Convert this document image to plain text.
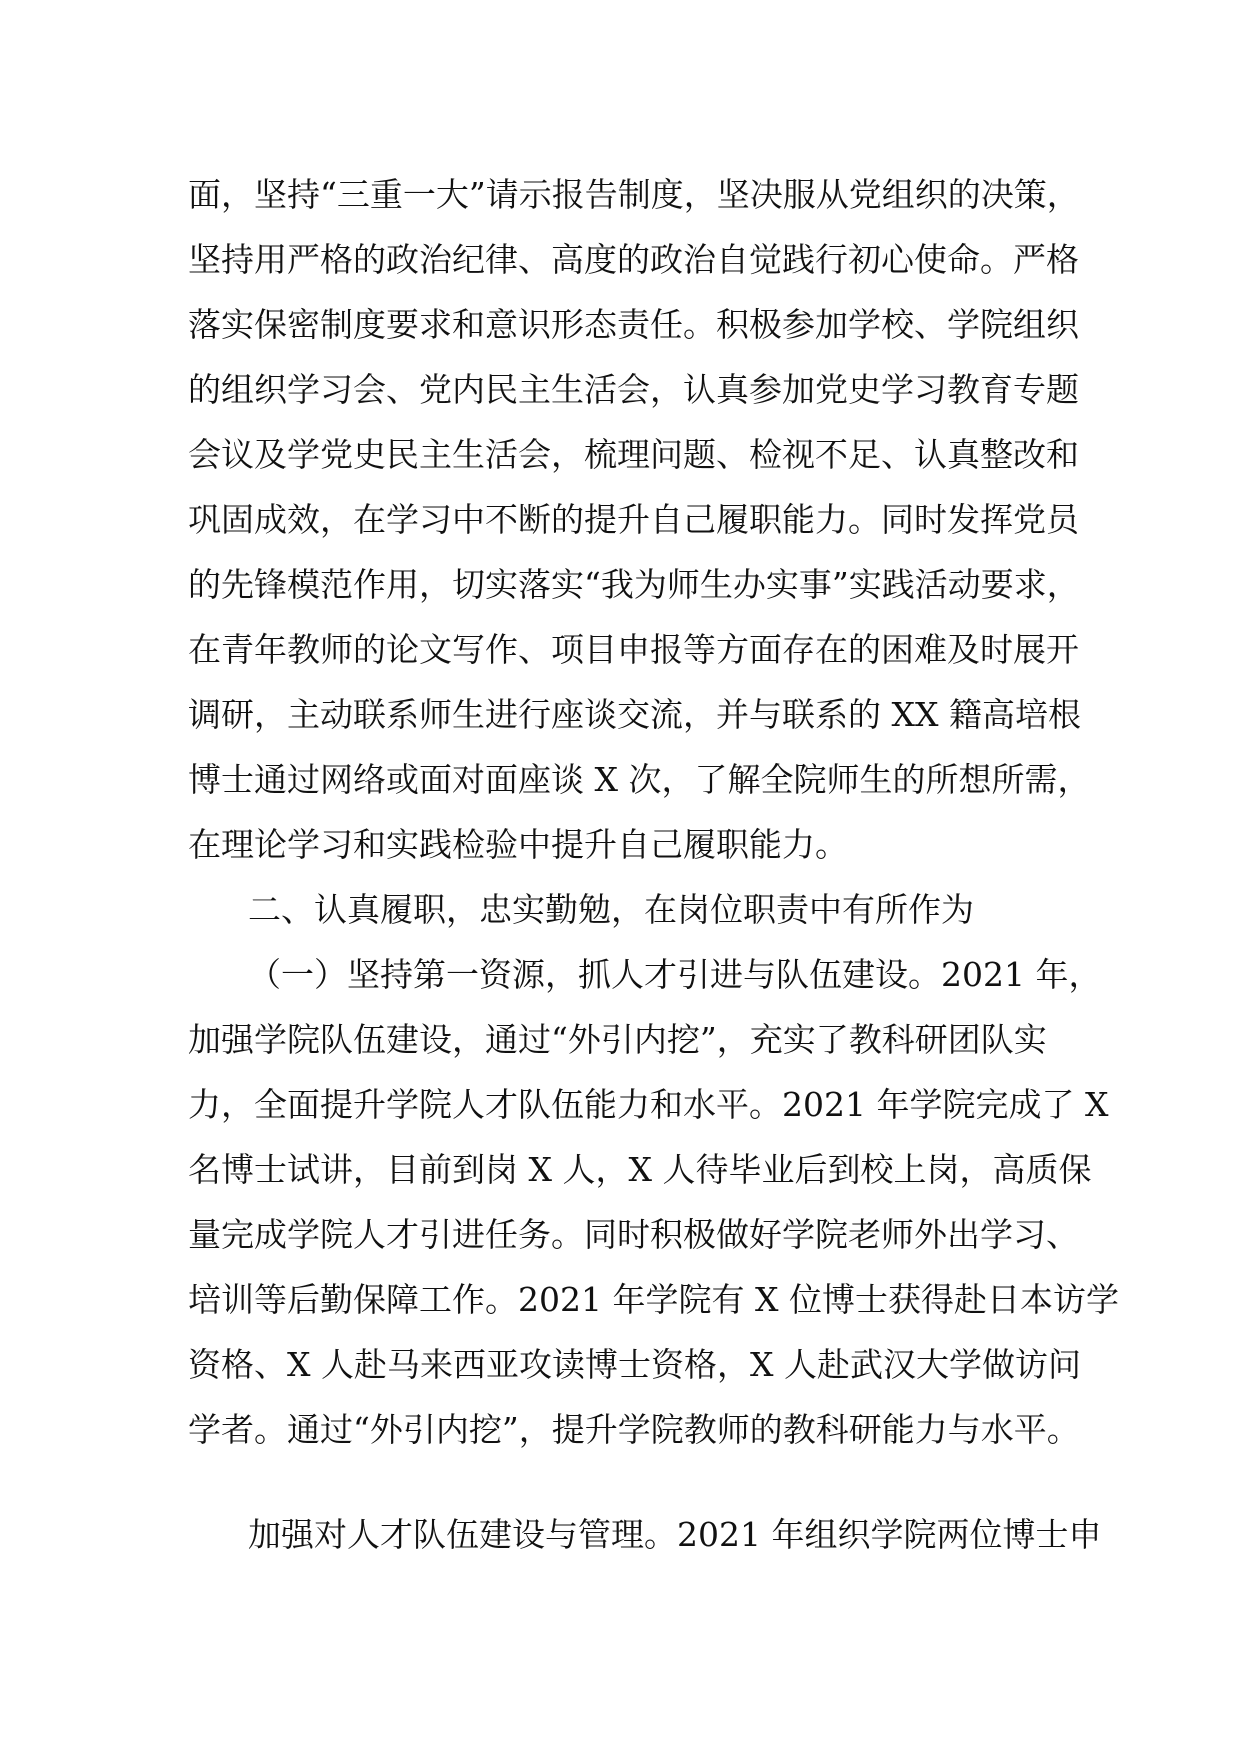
面，坚持“三重一大”请示报告制度，坚决服从党组织的决策，
坚持用严格的政治纪律、高度的政治自觉践行初心使命。严格
落实保密制度要求和意识形态责任。积极参加学校、学院组织
的组织学习会、党内民主生活会，认真参加党史学习教育专题
会议及学党史民主生活会，梳理问题、检视不足、认真整改和
巩固成效，在学习中不断的提升自己履职能力。同时发挥党员
的先锋模范作用，切实落实“我为师生办实事”实践活动要求，
在青年教师的论文写作、项目申报等方面存在的困难及时展开
调研，主动联系师生进行座谈交流，并与联系的 XX 籍高培根
博士通过网络或面对面座谈 X 次，了解全院师生的所想所需，
在理论学习和实践检验中提升自己履职能力。
二、认真履职，忠实勤勉，在岗位职责中有所作为
（一）坚持第一资源，抓人才引进与队伍建设。2021 年，
加强学院队伍建设，通过“外引内挖”，充实了教科研团队实
力，全面提升学院人才队伍能力和水平。2021 年学院完成了 X
名博士试讲，目前到岗 X 人，X 人待毕业后到校上岗，高质保
量完成学院人才引进任务。同时积极做好学院老师外出学习、
培训等后勤保障工作。2021 年学院有 X 位博士获得赴日本访学
资格、X 人赴马来西亚攻读博士资格，X 人赴武汉大学做访问
学者。通过“外引内挖”，提升学院教师的教科研能力与水平。
加强对人才队伍建设与管理。2021 年组织学院两位博士申
